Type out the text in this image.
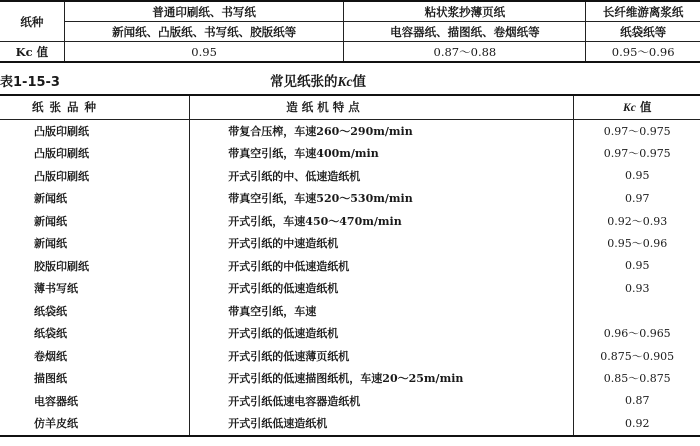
纸种	普通印刷纸、书写纸	粘状浆抄薄页纸	长纤维游离浆纸
	新闻纸、凸版纸、书写纸、胶版纸等	电容器纸、描图纸、卷烟纸等	纸袋纸等
Kc 值	0.95	0.87～0.88	0.95～0.96
表1-15-3	常见纸张的Kc值
纸张品种	造纸机特点	Kc 值
凸版印刷纸	带复合压榨，车速260～290m/min	0.97～0.975
凸版印刷纸	带真空引纸，车速400m/min	0.97～0.975
凸版印刷纸	开式引纸的中、低速造纸机	0.95
新闻纸	带真空引纸，车速520～530m/min	0.97
新闻纸	开式引纸，车速450～470m/min	0.92～0.93
新闻纸	开式引纸的中速造纸机	0.95～0.96
胶版印刷纸	开式引纸的中低速造纸机	0.95
薄书写纸	开式引纸的低速造纸机	0.93
纸袋纸	带真空引纸，车速	
纸袋纸	开式引纸的低速造纸机	0.96～0.965
卷烟纸	开式引纸的低速薄页纸机	0.875～0.905
描图纸	开式引纸的低速描图纸机，车速20～25m/min	0.85～0.875
电容器纸	开式引纸低速电容器造纸机	0.87
仿羊皮纸	开式引纸低速造纸机	0.92
